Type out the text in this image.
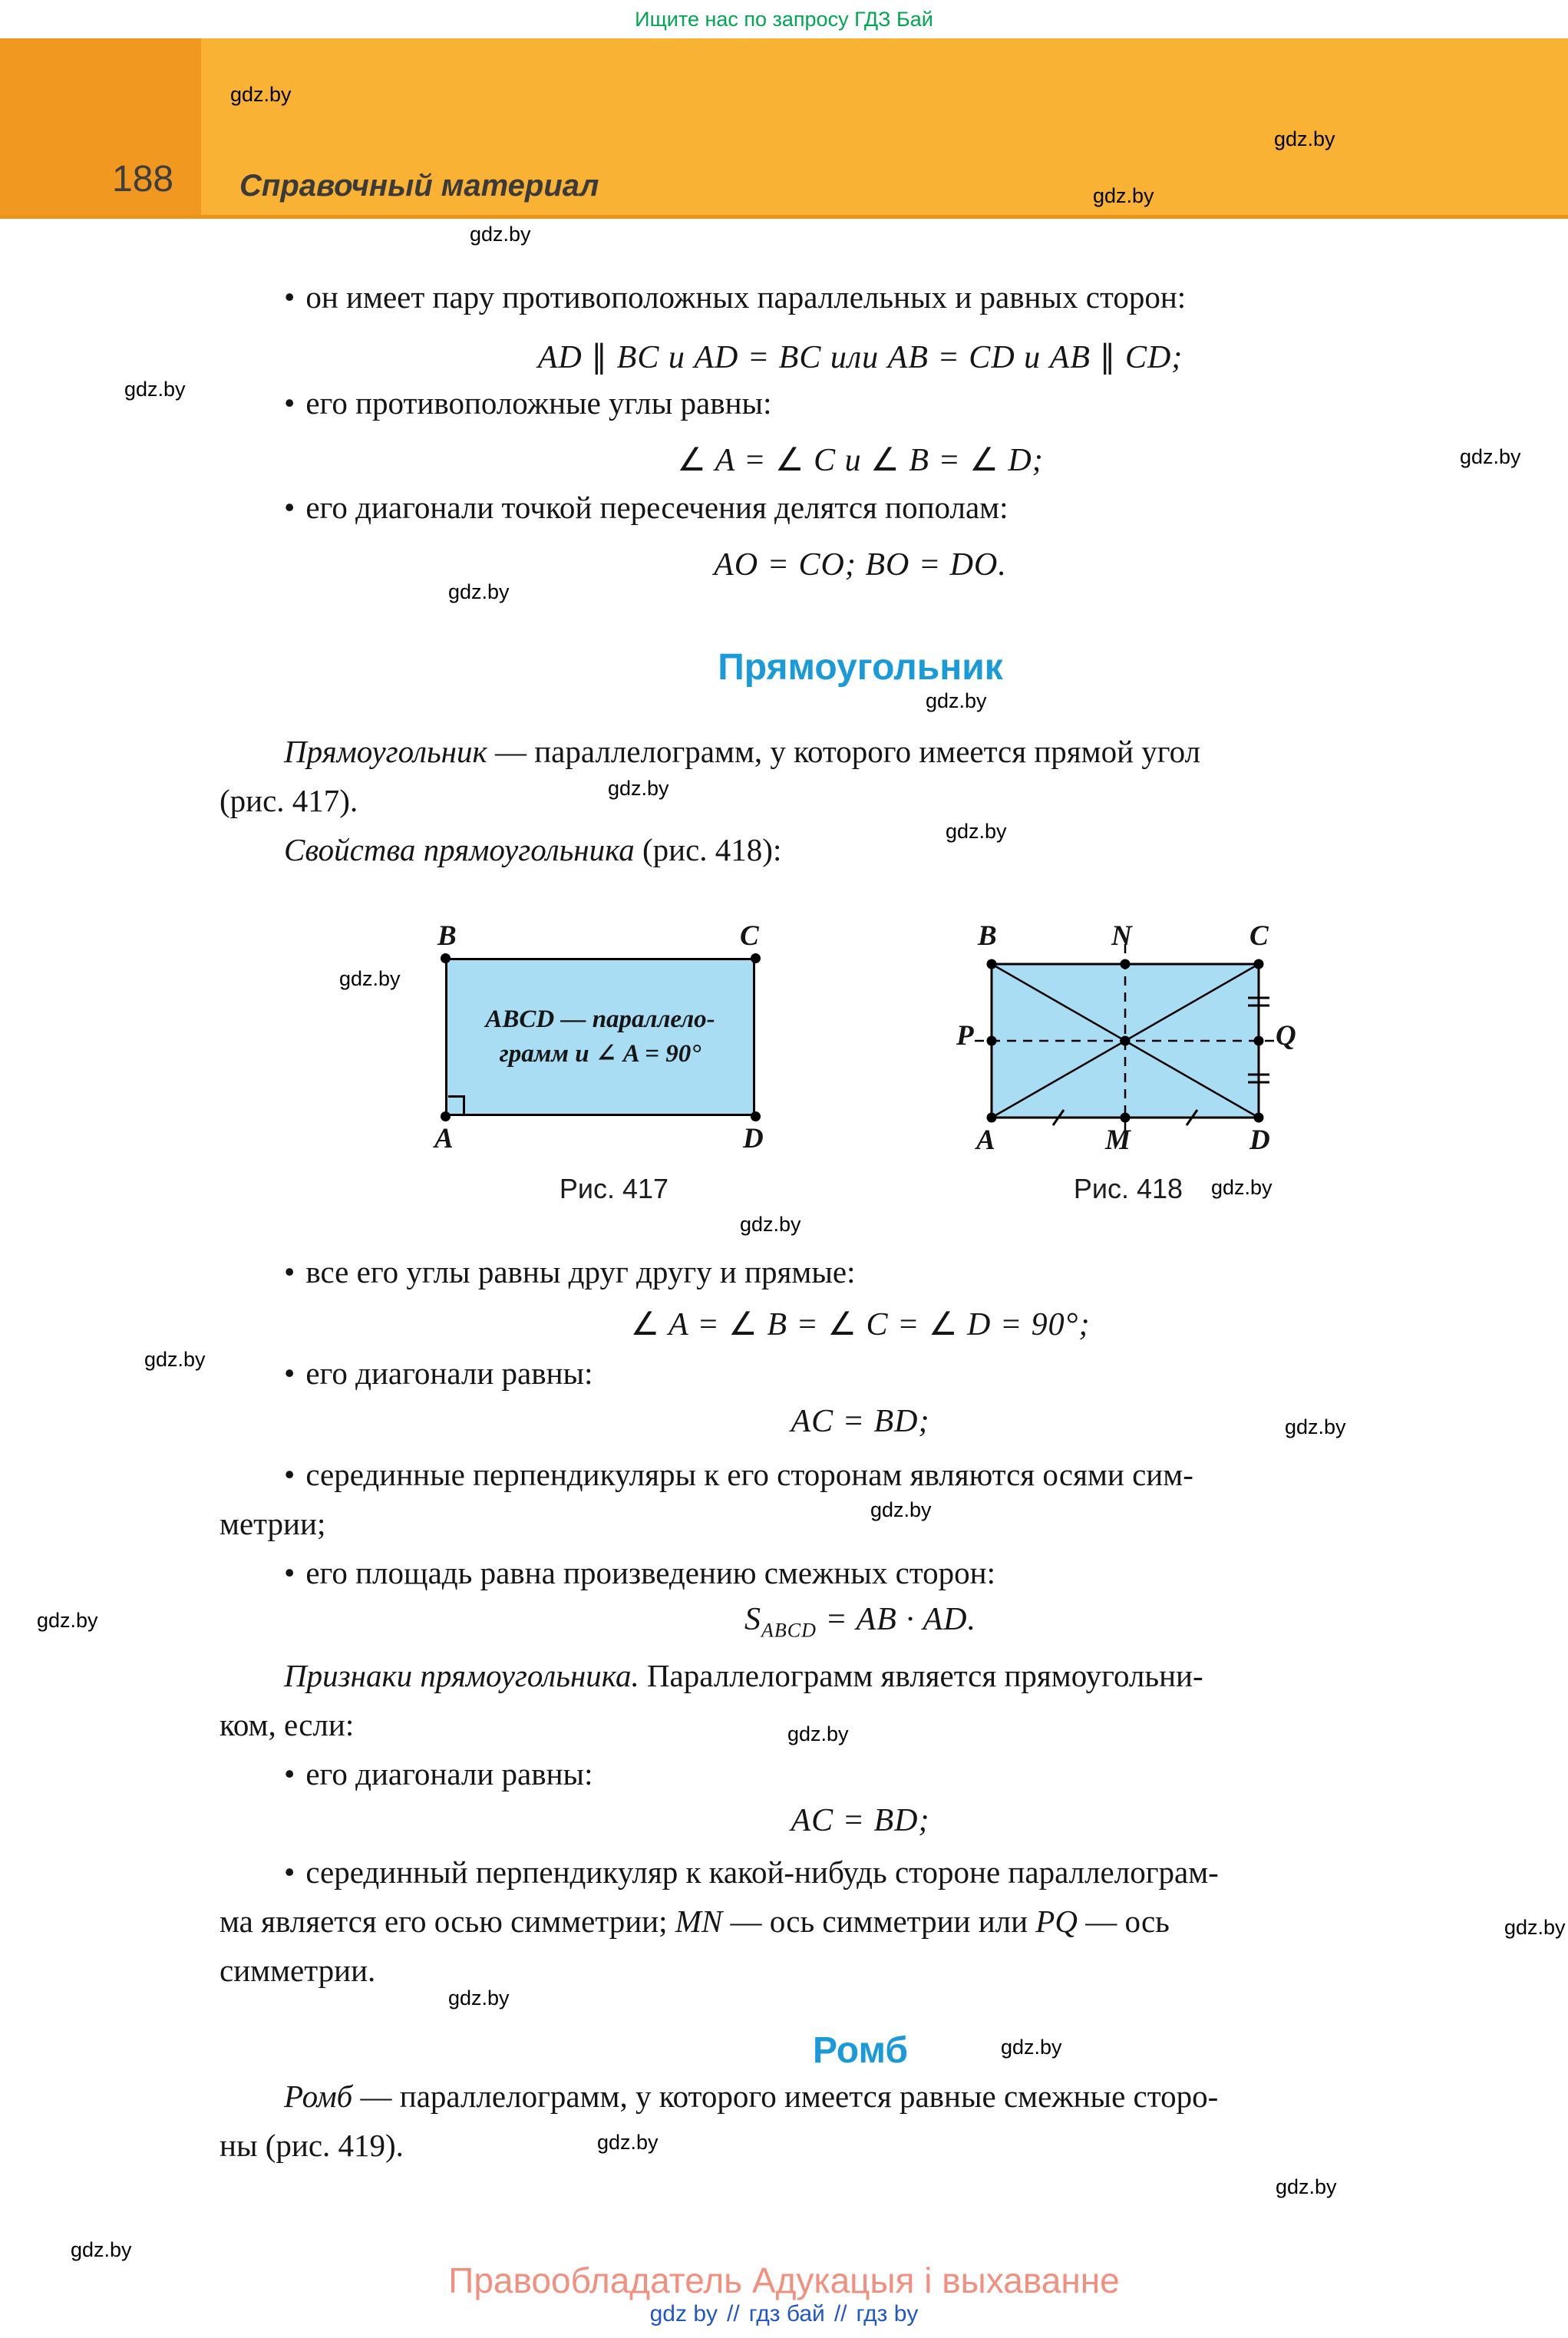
Ищите нас по запросу ГДЗ Бай
188 Справочный материал
gdz.by
gdz.by
gdz.by
gdz.by
gdz.by
gdz.by
gdz.by
gdz.by
gdz.by
gdz.by
gdz.by
gdz.by
gdz.by
gdz.by
gdz.by
gdz.by
gdz.by
gdz.by
gdz.by
gdz.by
gdz.by
gdz.by
gdz.by
gdz.by
• он имеет пару противоположных параллельных и равных сторон:
AD ∥ BC и AD = BC или AB = CD и AB ∥ CD;
• его противоположные углы равны:
∠ A = ∠ C и ∠ B = ∠ D;
• его диагонали точкой пересечения делятся пополам:
AO = CO; BO = DO.
Прямоугольник
Прямоугольник — параллелограмм, у которого имеется прямой угол
(рис. 417).
Свойства прямоугольника (рис. 418):
B	C
ABCD — параллело-
грамм и ∠ A = 90°
A	D
Рис. 417
B	N	C
P	Q
A	M	D
Рис. 418
• все его углы равны друг другу и прямые:
∠ A = ∠ B = ∠ C = ∠ D = 90°;
• его диагонали равны:
AC = BD;
• серединные перпендикуляры к его сторонам являются осями сим-
метрии;
• его площадь равна произведению смежных сторон:
$S_{ABCD}$ = AB · AD.
Признаки прямоугольника. Параллелограмм является прямоугольни-
ком, если:
• его диагонали равны:
AC = BD;
• серединный перпендикуляр к какой-нибудь стороне параллелограм-
ма является его осью симметрии; MN — ось симметрии или PQ — ось
симметрии.
Ромб
Ромб — параллелограмм, у которого имеется равные смежные сторо-
ны (рис. 419).
Правообладатель Адукацыя і выхаванне
gdz by // гдз бай // гдз by
